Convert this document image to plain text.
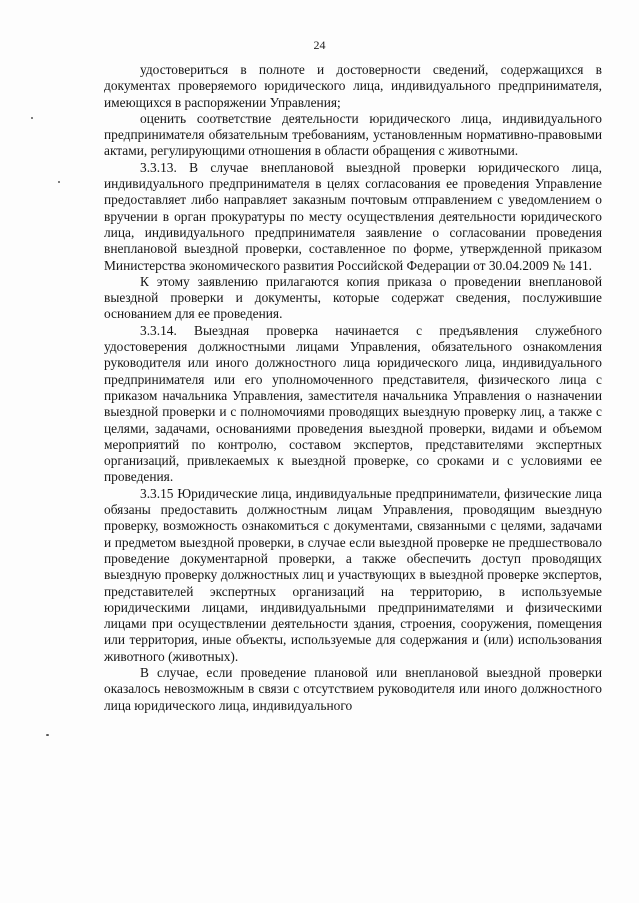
24

удостовериться в полноте и достоверности сведений, содержащихся в документах проверяемого юридического лица, индивидуального предпринимателя, имеющихся в распоряжении Управления;

оценить соответствие деятельности юридического лица, индивидуального предпринимателя обязательным требованиям, установленным нормативно-правовыми актами, регулирующими отношения в области обращения с животными.

3.3.13. В случае внеплановой выездной проверки юридического лица, индивидуального предпринимателя в целях согласования ее проведения Управление предоставляет либо направляет заказным почтовым отправлением с уведомлением о вручении в орган прокуратуры по месту осуществления деятельности юридического лица, индивидуального предпринимателя заявление о согласовании проведения внеплановой выездной проверки, составленное по форме, утвержденной приказом Министерства экономического развития Российской Федерации от 30.04.2009 № 141.

К этому заявлению прилагаются копия приказа о проведении внеплановой выездной проверки и документы, которые содержат сведения, послужившие основанием для ее проведения.

3.3.14. Выездная проверка начинается с предъявления служебного удостоверения должностными лицами Управления, обязательного ознакомления руководителя или иного должностного лица юридического лица, индивидуального предпринимателя или его уполномоченного представителя, физического лица с приказом начальника Управления, заместителя начальника Управления о назначении выездной проверки и с полномочиями проводящих выездную проверку лиц, а также с целями, задачами, основаниями проведения выездной проверки, видами и объемом мероприятий по контролю, составом экспертов, представителями экспертных организаций, привлекаемых к выездной проверке, со сроками и с условиями ее проведения.

3.3.15 Юридические лица, индивидуальные предприниматели, физические лица обязаны предоставить должностным лицам Управления, проводящим выездную проверку, возможность ознакомиться с документами, связанными с целями, задачами и предметом выездной проверки, в случае если выездной проверке не предшествовало проведение документарной проверки, а также обеспечить доступ проводящих выездную проверку должностных лиц и участвующих в выездной проверке экспертов, представителей экспертных организаций на территорию, в используемые юридическими лицами, индивидуальными предпринимателями и физическими лицами при осуществлении деятельности здания, строения, сооружения, помещения или территория, иные объекты, используемые для содержания и (или) использования животного (животных).

В случае, если проведение плановой или внеплановой выездной проверки оказалось невозможным в связи с отсутствием руководителя или иного должностного лица юридического лица, индивидуального
